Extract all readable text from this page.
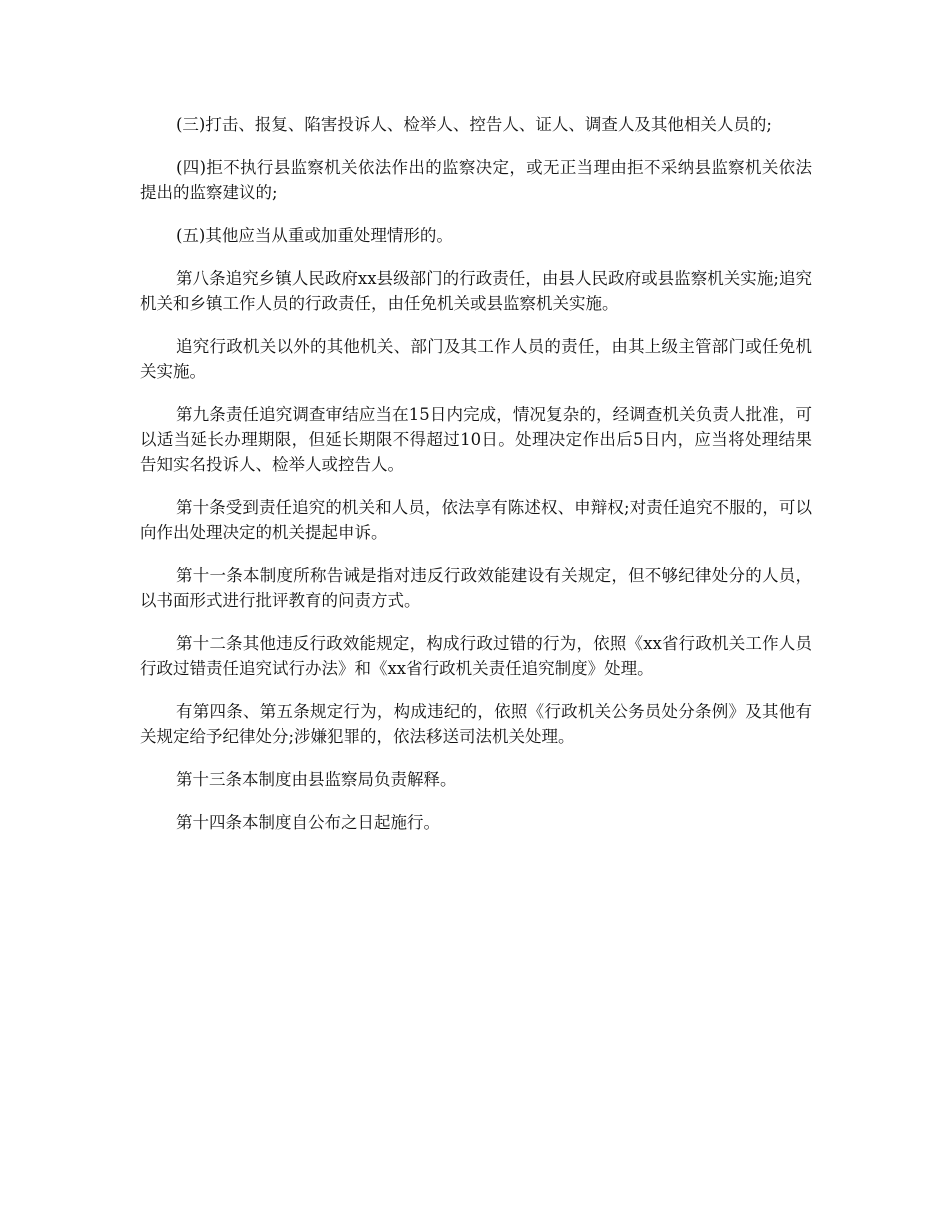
(三)打击、报复、陷害投诉人、检举人、控告人、证人、调查人及其他相关人员的;

(四)拒不执行县监察机关依法作出的监察决定，或无正当理由拒不采纳县监察机关依法提出的监察建议的;

(五)其他应当从重或加重处理情形的。

第八条追究乡镇人民政府xx县级部门的行政责任，由县人民政府或县监察机关实施;追究机关和乡镇工作人员的行政责任，由任免机关或县监察机关实施。

追究行政机关以外的其他机关、部门及其工作人员的责任，由其上级主管部门或任免机关实施。

第九条责任追究调查审结应当在15日内完成，情况复杂的，经调查机关负责人批准，可以适当延长办理期限，但延长期限不得超过10日。处理决定作出后5日内，应当将处理结果告知实名投诉人、检举人或控告人。

第十条受到责任追究的机关和人员，依法享有陈述权、申辩权;对责任追究不服的，可以向作出处理决定的机关提起申诉。

第十一条本制度所称告诫是指对违反行政效能建设有关规定，但不够纪律处分的人员，以书面形式进行批评教育的问责方式。

第十二条其他违反行政效能规定，构成行政过错的行为，依照《xx省行政机关工作人员行政过错责任追究试行办法》和《xx省行政机关责任追究制度》处理。

有第四条、第五条规定行为，构成违纪的，依照《行政机关公务员处分条例》及其他有关规定给予纪律处分;涉嫌犯罪的，依法移送司法机关处理。

第十三条本制度由县监察局负责解释。

第十四条本制度自公布之日起施行。
